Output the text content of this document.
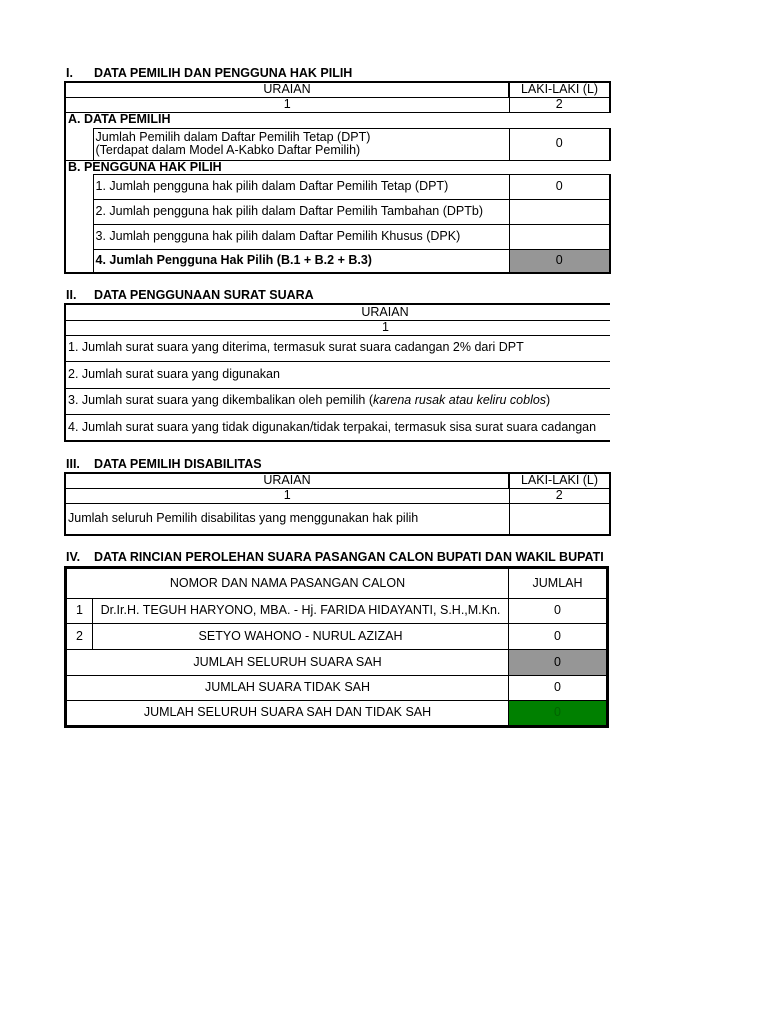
I. DATA PEMILIH DAN PENGGUNA HAK PILIH
URAIAN		LAKI-LAKI (L)
1		2
A. DATA PEMILIH		

	Jumlah Pemilih dalam Daftar Pemilih Tetap (DPT)
(Terdapat dalam Model A-Kabko Daftar Pemilih)	0
B. PENGGUNA HAK PILIH		
	1. Jumlah pengguna hak pilih dalam Daftar Pemilih Tetap (DPT)	0
	2. Jumlah pengguna hak pilih dalam Daftar Pemilih Tambahan (DPTb)	
	3. Jumlah pengguna hak pilih dalam Daftar Pemilih Khusus (DPK)	
	4. Jumlah Pengguna Hak Pilih (B.1 + B.2 + B.3)	0
II. DATA PENGGUNAAN SURAT SUARA
URAIAN
1
1. Jumlah surat suara yang diterima, termasuk surat suara cadangan 2% dari DPT
2. Jumlah surat suara yang digunakan
3. Jumlah surat suara yang dikembalikan oleh pemilih (karena rusak atau keliru coblos)
4. Jumlah surat suara yang tidak digunakan/tidak terpakai, termasuk sisa surat suara cadangan
III. DATA PEMILIH DISABILITAS
URAIAN	LAKI-LAKI (L)
1	2
Jumlah seluruh Pemilih disabilitas yang menggunakan hak pilih	
IV. DATA RINCIAN PEROLEHAN SUARA PASANGAN CALON BUPATI DAN WAKIL BUPATI
NOMOR DAN NAMA PASANGAN CALON		JUMLAH
1	Dr.Ir.H. TEGUH HARYONO, MBA. - Hj. FARIDA HIDAYANTI, S.H.,M.Kn.	0
2	SETYO WAHONO - NURUL AZIZAH	0
JUMLAH SELURUH SUARA SAH		0
JUMLAH SUARA TIDAK SAH		0
JUMLAH SELURUH SUARA SAH DAN TIDAK SAH		0
